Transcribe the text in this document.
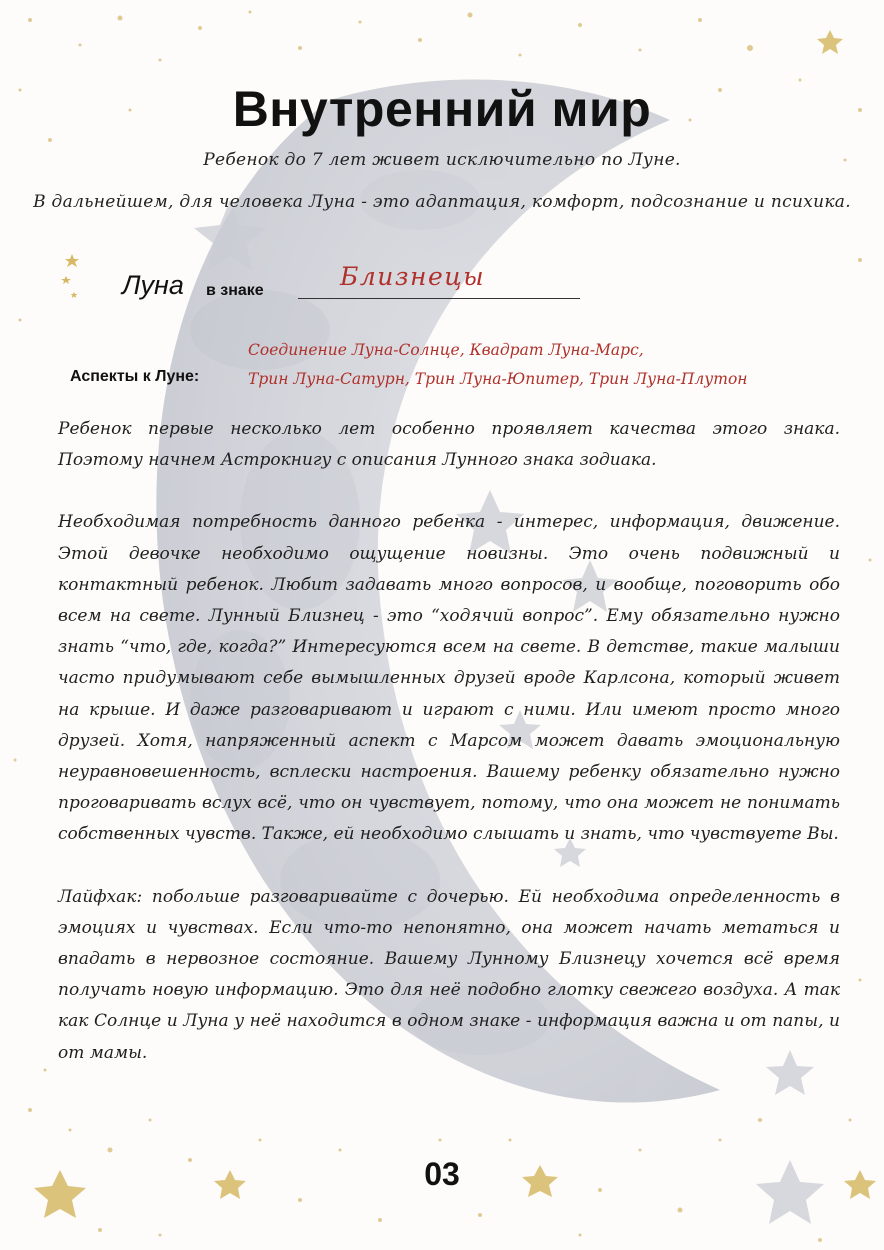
Внутренний мир
Ребенок до 7 лет живет исключительно по Луне.
В дальнейшем, для человека Луна - это адаптация, комфорт, подсознание и психика.
Луна в знаке	Близнецы
Аспекты к Луне:
Соединение Луна-Солнце, Квадрат Луна-Марс,
Трин Луна-Сатурн, Трин Луна-Юпитер, Трин Луна-Плутон

Ребенок первые несколько лет особенно проявляет качества этого знака. Поэтому начнем Астрокнигу с описания Лунного знака зодиака.

Необходимая потребность данного ребенка - интерес, информация, движение. Этой девочке необходимо ощущение новизны. Это очень подвижный и контактный ребенок. Любит задавать много вопросов, и вообще, поговорить обо всем на свете. Лунный Близнец - это “ходячий вопрос”. Ему обязательно нужно знать “что, где, когда?” Интересуются всем на свете. В детстве, такие малыши часто придумывают себе вымышленных друзей вроде Карлсона, который живет на крыше. И даже разговаривают и играют с ними. Или имеют просто много друзей. Хотя, напряженный аспект с Марсом может давать эмоциональную неуравновешенность, всплески настроения. Вашему ребенку обязательно нужно проговаривать вслух всё, что он чувствует, потому, что она может не понимать собственных чувств. Также, ей необходимо слышать и знать, что чувствуете Вы.

Лайфхак: побольше разговаривайте с дочерью. Ей необходима определенность в эмоциях и чувствах. Если что-то непонятно, она может начать метаться и впадать в нервозное состояние. Вашему Лунному Близнецу хочется всё время получать новую информацию. Это для неё подобно глотку свежего воздуха. А так как Солнце и Луна у неё находится в одном знаке - информация важна и от папы, и от мамы.

03
